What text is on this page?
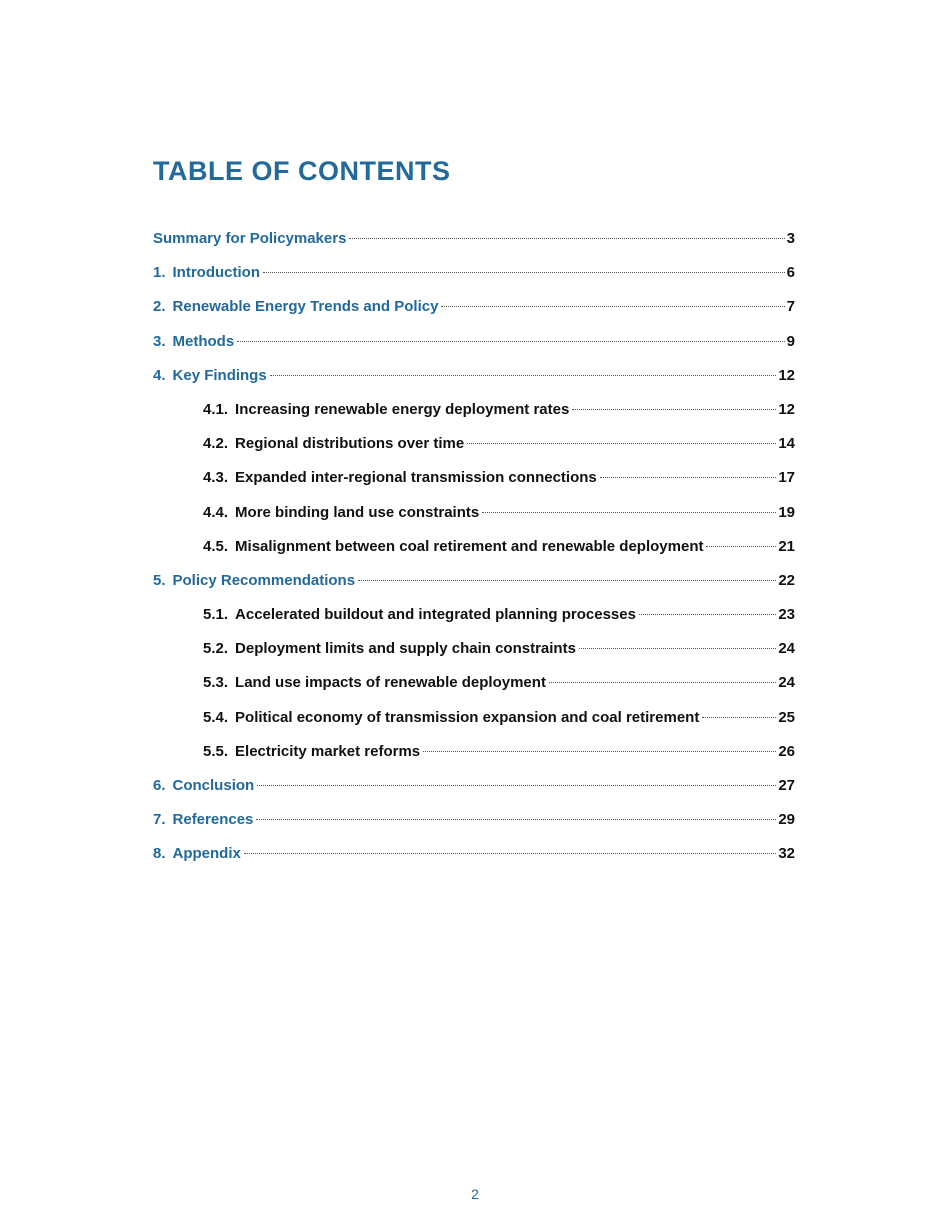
TABLE OF CONTENTS
Summary for Policymakers	3
1. Introduction	6
2. Renewable Energy Trends and Policy	7
3. Methods	9
4. Key Findings	12
4.1. Increasing renewable energy deployment rates	12
4.2. Regional distributions over time	14
4.3. Expanded inter-regional transmission connections	17
4.4. More binding land use constraints	19
4.5. Misalignment between coal retirement and renewable deployment	21
5. Policy Recommendations	22
5.1. Accelerated buildout and integrated planning processes	23
5.2. Deployment limits and supply chain constraints	24
5.3. Land use impacts of renewable deployment	24
5.4. Political economy of transmission expansion and coal retirement	25
5.5. Electricity market reforms	26
6. Conclusion	27
7. References	29
8. Appendix	32
2
